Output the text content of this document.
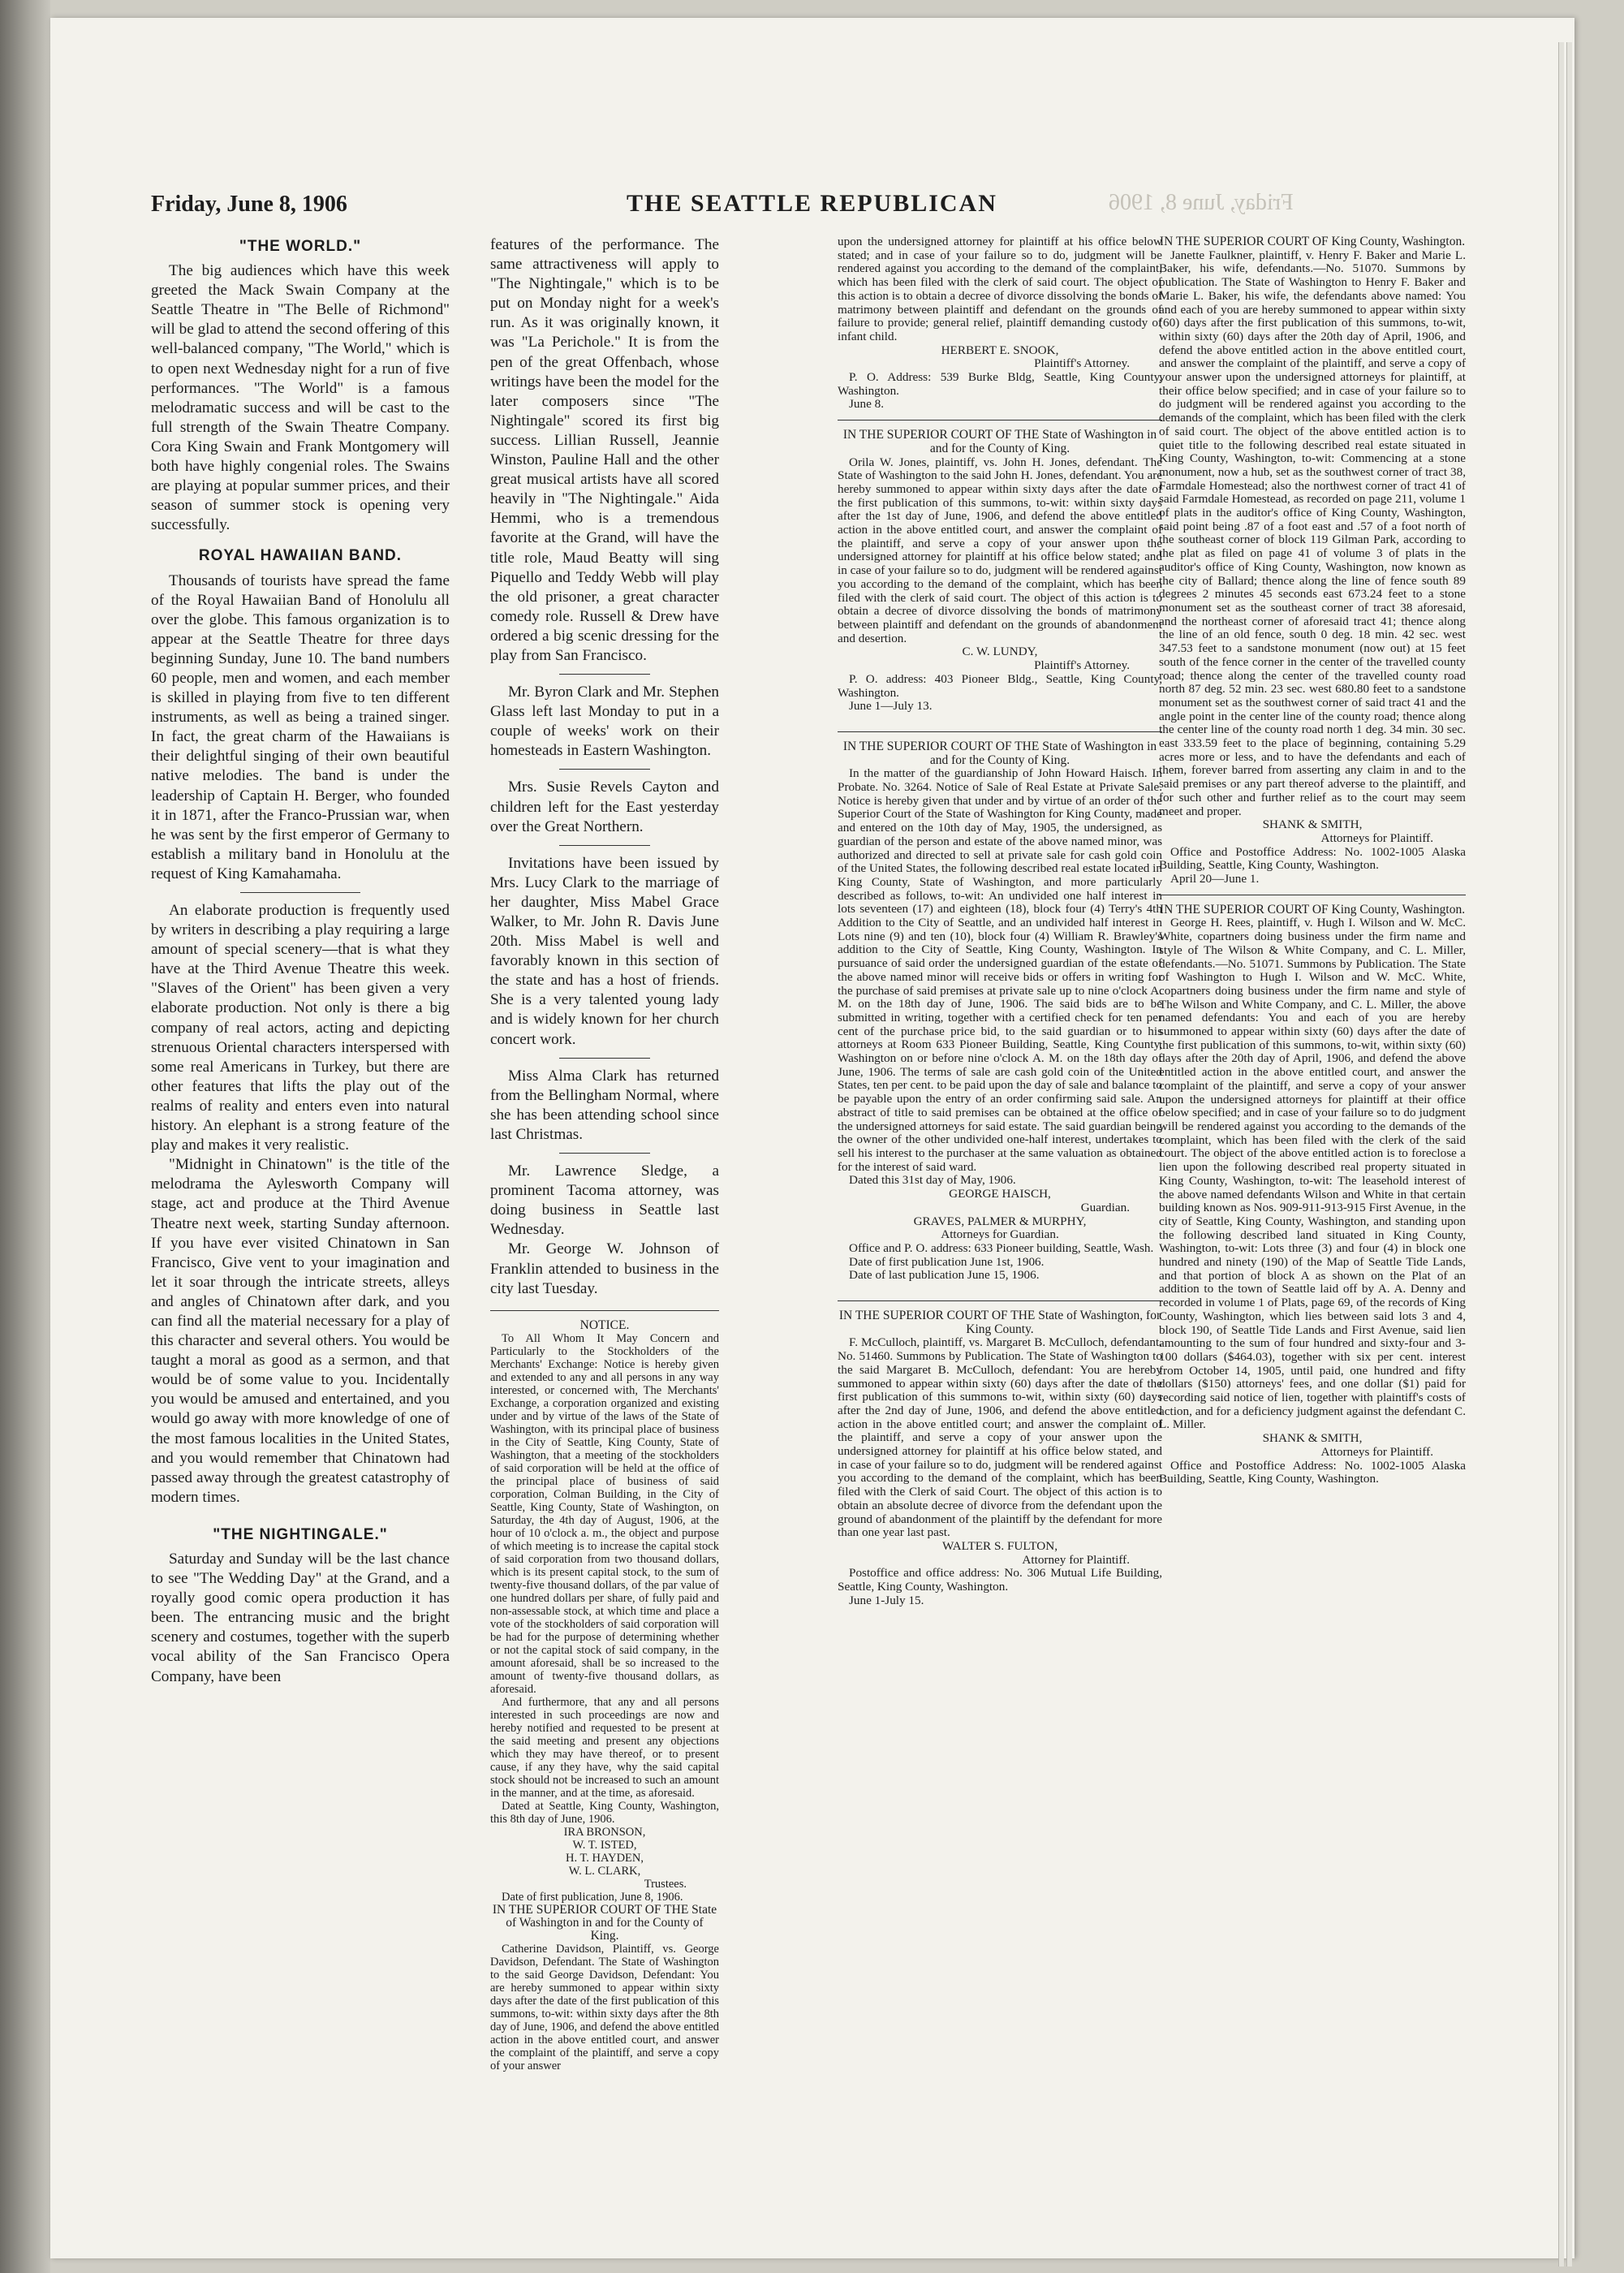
Friday, June 8, 1906	THE SEATTLE REPUBLICAN	Friday, June 8, 1906
"THE WORLD."

The big audiences which have this week greeted the Mack Swain Company at the Seattle Theatre in "The Belle of Richmond" will be glad to attend the second offering of this well-balanced company, "The World," which is to open next Wednesday night for a run of five performances. "The World" is a famous melodramatic success and will be cast to the full strength of the Swain Theatre Company. Cora King Swain and Frank Montgomery will both have highly congenial roles. The Swains are playing at popular summer prices, and their season of summer stock is opening very successfully.

ROYAL HAWAIIAN BAND.

Thousands of tourists have spread the fame of the Royal Hawaiian Band of Honolulu all over the globe. This famous organization is to appear at the Seattle Theatre for three days beginning Sunday, June 10. The band numbers 60 people, men and women, and each member is skilled in playing from five to ten different instruments, as well as being a trained singer. In fact, the great charm of the Hawaiians is their delightful singing of their own beautiful native melodies. The band is under the leadership of Captain H. Berger, who founded it in 1871, after the Franco-Prussian war, when he was sent by the first emperor of Germany to establish a military band in Honolulu at the request of King Kamahamaha.

An elaborate production is frequently used by writers in describing a play requiring a large amount of special scenery—that is what they have at the Third Avenue Theatre this week. "Slaves of the Orient" has been given a very elaborate production. Not only is there a big company of real actors, acting and depicting strenuous Oriental characters interspersed with some real Americans in Turkey, but there are other features that lifts the play out of the realms of reality and enters even into natural history. An elephant is a strong feature of the play and makes it very realistic.

"Midnight in Chinatown" is the title of the melodrama the Aylesworth Company will stage, act and produce at the Third Avenue Theatre next week, starting Sunday afternoon. If you have ever visited Chinatown in San Francisco, Give vent to your imagination and let it soar through the intricate streets, alleys and angles of Chinatown after dark, and you can find all the material necessary for a play of this character and several others. You would be taught a moral as good as a sermon, and that would be of some value to you. Incidentally you would be amused and entertained, and you would go away with more knowledge of one of the most famous localities in the United States, and you would remember that Chinatown had passed away through the greatest catastrophy of modern times.

"THE NIGHTINGALE."

Saturday and Sunday will be the last chance to see "The Wedding Day" at the Grand, and a royally good comic opera production it has been. The entrancing music and the bright scenery and costumes, together with the superb vocal ability of the San Francisco Opera Company, have been

features of the performance. The same attractiveness will apply to "The Nightingale," which is to be put on Monday night for a week's run. As it was originally known, it was "La Perichole." It is from the pen of the great Offenbach, whose writings have been the model for the later composers since "The Nightingale" scored its first big success. Lillian Russell, Jeannie Winston, Pauline Hall and the other great musical artists have all scored heavily in "The Nightingale." Aida Hemmi, who is a tremendous favorite at the Grand, will have the title role, Maud Beatty will sing Piquello and Teddy Webb will play the old prisoner, a great character comedy role. Russell & Drew have ordered a big scenic dressing for the play from San Francisco.

Mr. Byron Clark and Mr. Stephen Glass left last Monday to put in a couple of weeks' work on their homesteads in Eastern Washington.

Mrs. Susie Revels Cayton and children left for the East yesterday over the Great Northern.

Invitations have been issued by Mrs. Lucy Clark to the marriage of her daughter, Miss Mabel Grace Walker, to Mr. John R. Davis June 20th. Miss Mabel is well and favorably known in this section of the state and has a host of friends. She is a very talented young lady and is widely known for her church concert work.

Miss Alma Clark has returned from the Bellingham Normal, where she has been attending school since last Christmas.

Mr. Lawrence Sledge, a prominent Tacoma attorney, was doing business in Seattle last Wednesday.

Mr. George W. Johnson of Franklin attended to business in the city last Tuesday.

NOTICE.

To All Whom It May Concern and Particularly to the Stockholders of the Merchants' Exchange: Notice is hereby given and extended to any and all persons in any way interested, or concerned with, The Merchants' Exchange, a corporation organized and existing under and by virtue of the laws of the State of Washington, with its principal place of business in the City of Seattle, King County, State of Washington, that a meeting of the stockholders of said corporation will be held at the office of the principal place of business of said corporation, Colman Building, in the City of Seattle, King County, State of Washington, on Saturday, the 4th day of August, 1906, at the hour of 10 o'clock a. m., the object and purpose of which meeting is to increase the capital stock of said corporation from two thousand dollars, which is its present capital stock, to the sum of twenty-five thousand dollars, of the par value of one hundred dollars per share, of fully paid and non-assessable stock, at which time and place a vote of the stockholders of said corporation will be had for the purpose of determining whether or not the capital stock of said company, in the amount aforesaid, shall be so increased to the amount of twenty-five thousand dollars, as aforesaid.

And furthermore, that any and all persons interested in such proceedings are now and hereby notified and requested to be present at the said meeting and present any objections which they may have thereof, or to present cause, if any they have, why the said capital stock should not be increased to such an amount in the manner, and at the time, as aforesaid.

Dated at Seattle, King County, Washington, this 8th day of June, 1906.

IRA BRONSON,
W. T. ISTED,
H. T. HAYDEN,
W. L. CLARK,
Trustees.

Date of first publication, June 8, 1906.

IN THE SUPERIOR COURT OF THE State of Washington in and for the County of King.

Catherine Davidson, Plaintiff, vs. George Davidson, Defendant. The State of Washington to the said George Davidson, Defendant: You are hereby summoned to appear within sixty days after the date of the first publication of this summons, to-wit: within sixty days after the 8th day of June, 1906, and defend the above entitled action in the above entitled court, and answer the complaint of the plaintiff, and serve a copy of your answer

upon the undersigned attorney for plaintiff at his office below stated; and in case of your failure so to do, judgment will be rendered against you according to the demand of the complaint, which has been filed with the clerk of said court. The object of this action is to obtain a decree of divorce dissolving the bonds of matrimony between plaintiff and defendant on the grounds of failure to provide; general relief, plaintiff demanding custody of infant child.

HERBERT E. SNOOK,
Plaintiff's Attorney.

P. O. Address: 539 Burke Bldg, Seattle, King County, Washington.

June 8.

IN THE SUPERIOR COURT OF THE State of Washington in and for the County of King.

Orila W. Jones, plaintiff, vs. John H. Jones, defendant. The State of Washington to the said John H. Jones, defendant. You are hereby summoned to appear within sixty days after the date of the first publication of this summons, to-wit: within sixty days after the 1st day of June, 1906, and defend the above entitled action in the above entitled court, and answer the complaint of the plaintiff, and serve a copy of your answer upon the undersigned attorney for plaintiff at his office below stated; and in case of your failure so to do, judgment will be rendered against you according to the demand of the complaint, which has been filed with the clerk of said court. The object of this action is to obtain a decree of divorce dissolving the bonds of matrimony between plaintiff and defendant on the grounds of abandonment and desertion.

C. W. LUNDY,
Plaintiff's Attorney.

P. O. address: 403 Pioneer Bldg., Seattle, King County, Washington.

June 1—July 13.

IN THE SUPERIOR COURT OF THE State of Washington in and for the County of King.

In the matter of the guardianship of John Howard Haisch. In Probate. No. 3264. Notice of Sale of Real Estate at Private Sale. Notice is hereby given that under and by virtue of an order of the Superior Court of the State of Washington for King County, made and entered on the 10th day of May, 1905, the undersigned, as guardian of the person and estate of the above named minor, was authorized and directed to sell at private sale for cash gold coin of the United States, the following described real estate located in King County, State of Washington, and more particularly described as follows, to-wit: An undivided one half interest in lots seventeen (17) and eighteen (18), block four (4) Terry's 4th Addition to the City of Seattle, and an undivided half interest in Lots nine (9) and ten (10), block four (4) William R. Brawley's addition to the City of Seattle, King County, Washington. In pursuance of said order the undersigned guardian of the estate of the above named minor will receive bids or offers in writing for the purchase of said premises at private sale up to nine o'clock A. M. on the 18th day of June, 1906. The said bids are to be submitted in writing, together with a certified check for ten per cent of the purchase price bid, to the said guardian or to his attorneys at Room 633 Pioneer Building, Seattle, King County, Washington on or before nine o'clock A. M. on the 18th day of June, 1906. The terms of sale are cash gold coin of the United States, ten per cent. to be paid upon the day of sale and balance to be payable upon the entry of an order confirming said sale. An abstract of title to said premises can be obtained at the office of the undersigned attorneys for said estate. The said guardian being the owner of the other undivided one-half interest, undertakes to sell his interest to the purchaser at the same valuation as obtained for the interest of said ward.

Dated this 31st day of May, 1906.

GEORGE HAISCH,
Guardian.
GRAVES, PALMER & MURPHY,
Attorneys for Guardian.

Office and P. O. address: 633 Pioneer building, Seattle, Wash.

Date of first publication June 1st, 1906.

Date of last publication June 15, 1906.

IN THE SUPERIOR COURT OF THE State of Washington, for King County.

F. McCulloch, plaintiff, vs. Margaret B. McCulloch, defendant. No. 51460. Summons by Publication. The State of Washington to the said Margaret B. McCulloch, defendant: You are hereby summoned to appear within sixty (60) days after the date of the first publication of this summons to-wit, within sixty (60) days after the 2nd day of June, 1906, and defend the above entitled action in the above entitled court; and answer the complaint of the plaintiff, and serve a copy of your answer upon the undersigned attorney for plaintiff at his office below stated, and in case of your failure so to do, judgment will be rendered against you according to the demand of the complaint, which has been filed with the Clerk of said Court. The object of this action is to obtain an absolute decree of divorce from the defendant upon the ground of abandonment of the plaintiff by the defendant for more than one year last past.

WALTER S. FULTON,
Attorney for Plaintiff.

Postoffice and office address: No. 306 Mutual Life Building, Seattle, King County, Washington.

June 1-July 15.

IN THE SUPERIOR COURT OF King County, Washington.

Janette Faulkner, plaintiff, v. Henry F. Baker and Marie L. Baker, his wife, defendants.—No. 51070. Summons by publication. The State of Washington to Henry F. Baker and Marie L. Baker, his wife, the defendants above named: You and each of you are hereby summoned to appear within sixty (60) days after the first publication of this summons, to-wit, within sixty (60) days after the 20th day of April, 1906, and defend the above entitled action in the above entitled court, and answer the complaint of the plaintiff, and serve a copy of your answer upon the undersigned attorneys for plaintiff, at their office below specified; and in case of your failure so to do judgment will be rendered against you according to the demands of the complaint, which has been filed with the clerk of said court. The object of the above entitled action is to quiet title to the following described real estate situated in King County, Washington, to-wit: Commencing at a stone monument, now a hub, set as the southwest corner of tract 38, Farmdale Homestead; also the northwest corner of tract 41 of said Farmdale Homestead, as recorded on page 211, volume 1 of plats in the auditor's office of King County, Washington, said point being .87 of a foot east and .57 of a foot north of the southeast corner of block 119 Gilman Park, according to the plat as filed on page 41 of volume 3 of plats in the auditor's office of King County, Washington, now known as the city of Ballard; thence along the line of fence south 89 degrees 2 minutes 45 seconds east 673.24 feet to a stone monument set as the southeast corner of tract 38 aforesaid, and the northeast corner of aforesaid tract 41; thence along the line of an old fence, south 0 deg. 18 min. 42 sec. west 347.53 feet to a sandstone monument (now out) at 15 feet south of the fence corner in the center of the travelled county road; thence along the center of the travelled county road north 87 deg. 52 min. 23 sec. west 680.80 feet to a sandstone monument set as the southwest corner of said tract 41 and the angle point in the center line of the county road; thence along the center line of the county road north 1 deg. 34 min. 30 sec. east 333.59 feet to the place of beginning, containing 5.29 acres more or less, and to have the defendants and each of them, forever barred from asserting any claim in and to the said premises or any part thereof adverse to the plaintiff, and for such other and further relief as to the court may seem meet and proper.

SHANK & SMITH,
Attorneys for Plaintiff.

Office and Postoffice Address: No. 1002-1005 Alaska Building, Seattle, King County, Washington.

April 20—June 1.

IN THE SUPERIOR COURT OF King County, Washington.

George H. Rees, plaintiff, v. Hugh I. Wilson and W. McC. White, copartners doing business under the firm name and style of The Wilson & White Company, and C. L. Miller, defendants.—No. 51071. Summons by Publication. The State of Washington to Hugh I. Wilson and W. McC. White, copartners doing business under the firm name and style of The Wilson and White Company, and C. L. Miller, the above named defendants: You and each of you are hereby summoned to appear within sixty (60) days after the date of the first publication of this summons, to-wit, within sixty (60) days after the 20th day of April, 1906, and defend the above entitled action in the above entitled court, and answer the complaint of the plaintiff, and serve a copy of your answer upon the undersigned attorneys for plaintiff at their office below specified; and in case of your failure so to do judgment will be rendered against you according to the demands of the complaint, which has been filed with the clerk of the said court. The object of the above entitled action is to foreclose a lien upon the following described real property situated in King County, Washington, to-wit: The leasehold interest of the above named defendants Wilson and White in that certain building known as Nos. 909-911-913-915 First Avenue, in the city of Seattle, King County, Washington, and standing upon the following described land situated in King County, Washington, to-wit: Lots three (3) and four (4) in block one hundred and ninety (190) of the Map of Seattle Tide Lands, and that portion of block A as shown on the Plat of an addition to the town of Seattle laid off by A. A. Denny and recorded in volume 1 of Plats, page 69, of the records of King County, Washington, which lies between said lots 3 and 4, block 190, of Seattle Tide Lands and First Avenue, said lien amounting to the sum of four hundred and sixty-four and 3-100 dollars ($464.03), together with six per cent. interest from October 14, 1905, until paid, one hundred and fifty dollars ($150) attorneys' fees, and one dollar ($1) paid for recording said notice of lien, together with plaintiff's costs of action, and for a deficiency judgment against the defendant C. L. Miller.

SHANK & SMITH,
Attorneys for Plaintiff.

Office and Postoffice Address: No. 1002-1005 Alaska Building, Seattle, King County, Washington.
